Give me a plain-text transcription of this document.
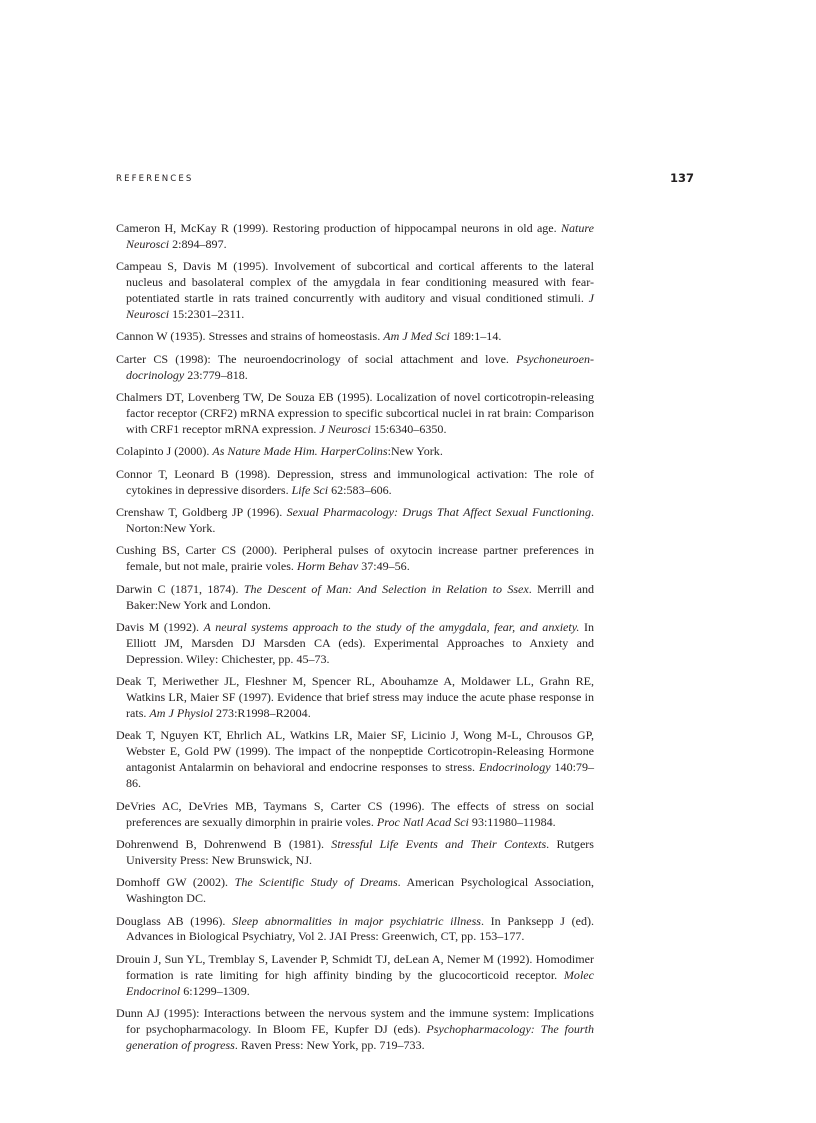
REFERENCES	137
Cameron H, McKay R (1999). Restoring production of hippocampal neurons in old age. Nature Neurosci 2:894–897.
Campeau S, Davis M (1995). Involvement of subcortical and cortical afferents to the lateral nucleus and basolateral complex of the amygdala in fear conditioning measured with fear-potentiated startle in rats trained concurrently with auditory and visual conditioned stimuli. J Neurosci 15:2301–2311.
Cannon W (1935). Stresses and strains of homeostasis. Am J Med Sci 189:1–14.
Carter CS (1998): The neuroendocrinology of social attachment and love. Psychoneuroendocrinology 23:779–818.
Chalmers DT, Lovenberg TW, De Souza EB (1995). Localization of novel corticotropin-releasing factor receptor (CRF2) mRNA expression to specific subcortical nuclei in rat brain: Comparison with CRF1 receptor mRNA expression. J Neurosci 15:6340–6350.
Colapinto J (2000). As Nature Made Him. HarperColins:New York.
Connor T, Leonard B (1998). Depression, stress and immunological activation: The role of cytokines in depressive disorders. Life Sci 62:583–606.
Crenshaw T, Goldberg JP (1996). Sexual Pharmacology: Drugs That Affect Sexual Functioning. Norton:New York.
Cushing BS, Carter CS (2000). Peripheral pulses of oxytocin increase partner preferences in female, but not male, prairie voles. Horm Behav 37:49–56.
Darwin C (1871, 1874). The Descent of Man: And Selection in Relation to Ssex. Merrill and Baker:New York and London.
Davis M (1992). A neural systems approach to the study of the amygdala, fear, and anxiety. In Elliott JM, Marsden DJ Marsden CA (eds). Experimental Approaches to Anxiety and Depression. Wiley: Chichester, pp. 45–73.
Deak T, Meriwether JL, Fleshner M, Spencer RL, Abouhamze A, Moldawer LL, Grahn RE, Watkins LR, Maier SF (1997). Evidence that brief stress may induce the acute phase response in rats. Am J Physiol 273:R1998–R2004.
Deak T, Nguyen KT, Ehrlich AL, Watkins LR, Maier SF, Licinio J, Wong M-L, Chrousos GP, Webster E, Gold PW (1999). The impact of the nonpeptide Corticotropin-Releasing Hormone antagonist Antalarmin on behavioral and endocrine responses to stress. Endocrinology 140:79–86.
DeVries AC, DeVries MB, Taymans S, Carter CS (1996). The effects of stress on social preferences are sexually dimorphin in prairie voles. Proc Natl Acad Sci 93:11980–11984.
Dohrenwend B, Dohrenwend B (1981). Stressful Life Events and Their Contexts. Rutgers University Press: New Brunswick, NJ.
Domhoff GW (2002). The Scientific Study of Dreams. American Psychological Association, Washington DC.
Douglass AB (1996). Sleep abnormalities in major psychiatric illness. In Panksepp J (ed). Advances in Biological Psychiatry, Vol 2. JAI Press: Greenwich, CT, pp. 153–177.
Drouin J, Sun YL, Tremblay S, Lavender P, Schmidt TJ, deLean A, Nemer M (1992). Homodimer formation is rate limiting for high affinity binding by the glucocorticoid receptor. Molec Endocrinol 6:1299–1309.
Dunn AJ (1995): Interactions between the nervous system and the immune system: Implications for psychopharmacology. In Bloom FE, Kupfer DJ (eds). Psychopharmacology: The fourth generation of progress. Raven Press: New York, pp. 719–733.
